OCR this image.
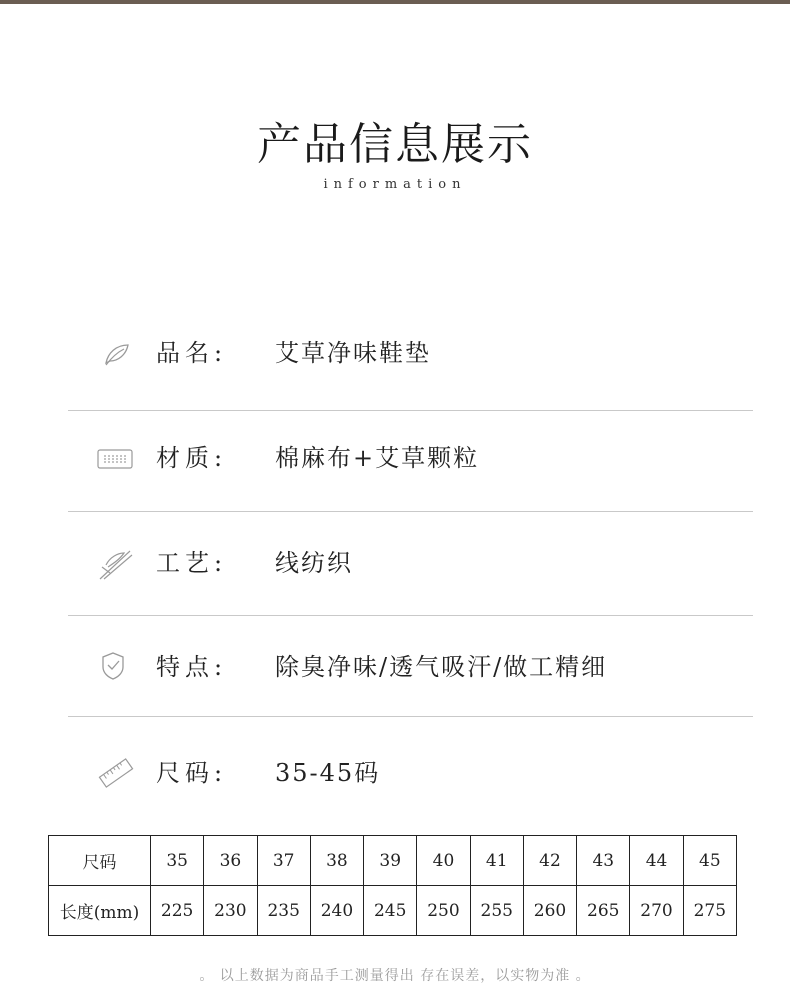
产品信息展示
information
品名: 艾草净味鞋垫
材质: 棉麻布+艾草颗粒
工艺: 线纺织
特点: 除臭净味/透气吸汗/做工精细
尺码: 35-45码
尺码	35	36	37	38	39	40	41	42	43	44	45
长度(mm)	225	230	235	240	245	250	255	260	265	270	275
。 以上数据为商品手工测量得出 存在误差，以实物为准 。
